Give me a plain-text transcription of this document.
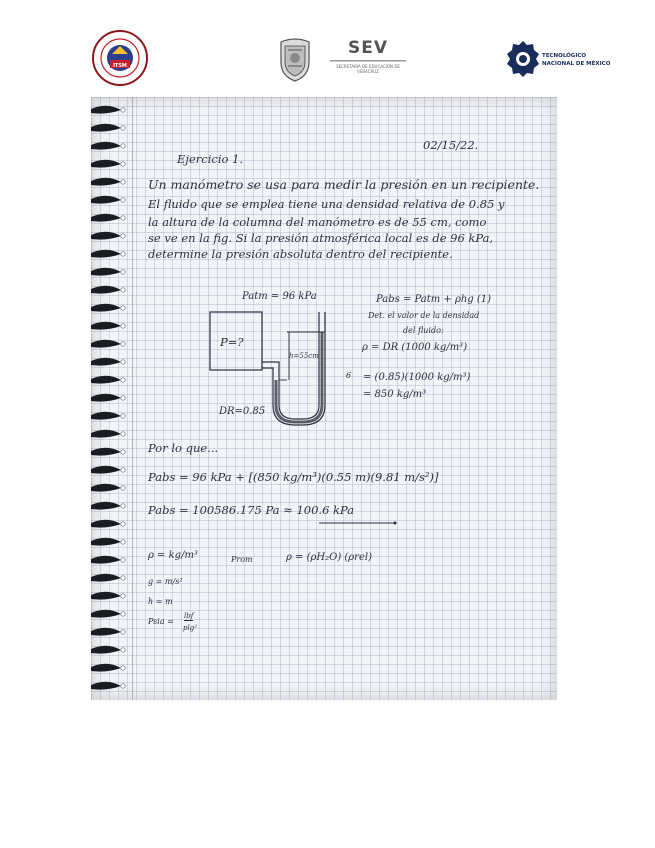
ITSM
SEV
SECRETARÍA DE EDUCACIÓN DE VERACRUZ
TECNOLÓGICO
NACIONAL DE MÉXICO
02/15/22.
Ejercicio 1.
Un manómetro se usa para medir la presión en un recipiente.
El fluido que se emplea tiene una densidad relativa de 0.85 y
la altura de la columna del manómetro es de 55 cm, como
se ve en la fig. Si la presión atmosférica local es de 96 kPa,
determine la presión absoluta dentro del recipiente.
Patm = 96 kPa
P=?
h=55cm
DR=0.85
Pabs = Patm + ρhg (1)
Det. el valor de la densidad
del fluido:
ρ = DR (1000 kg/m³)
6 = (0.85)(1000 kg/m³)
= 850 kg/m³
Por lo que...
Pabs = 96 kPa + [(850 kg/m³)(0.55 m)(9.81 m/s²)]
Pabs = 100586.175 Pa ≈ 100.6 kPa
ρ = kg/m³	Prom	ρ = (ρH₂O) (ρrel)
g = m/s²
h = m
Psia =
lbf
plg²
